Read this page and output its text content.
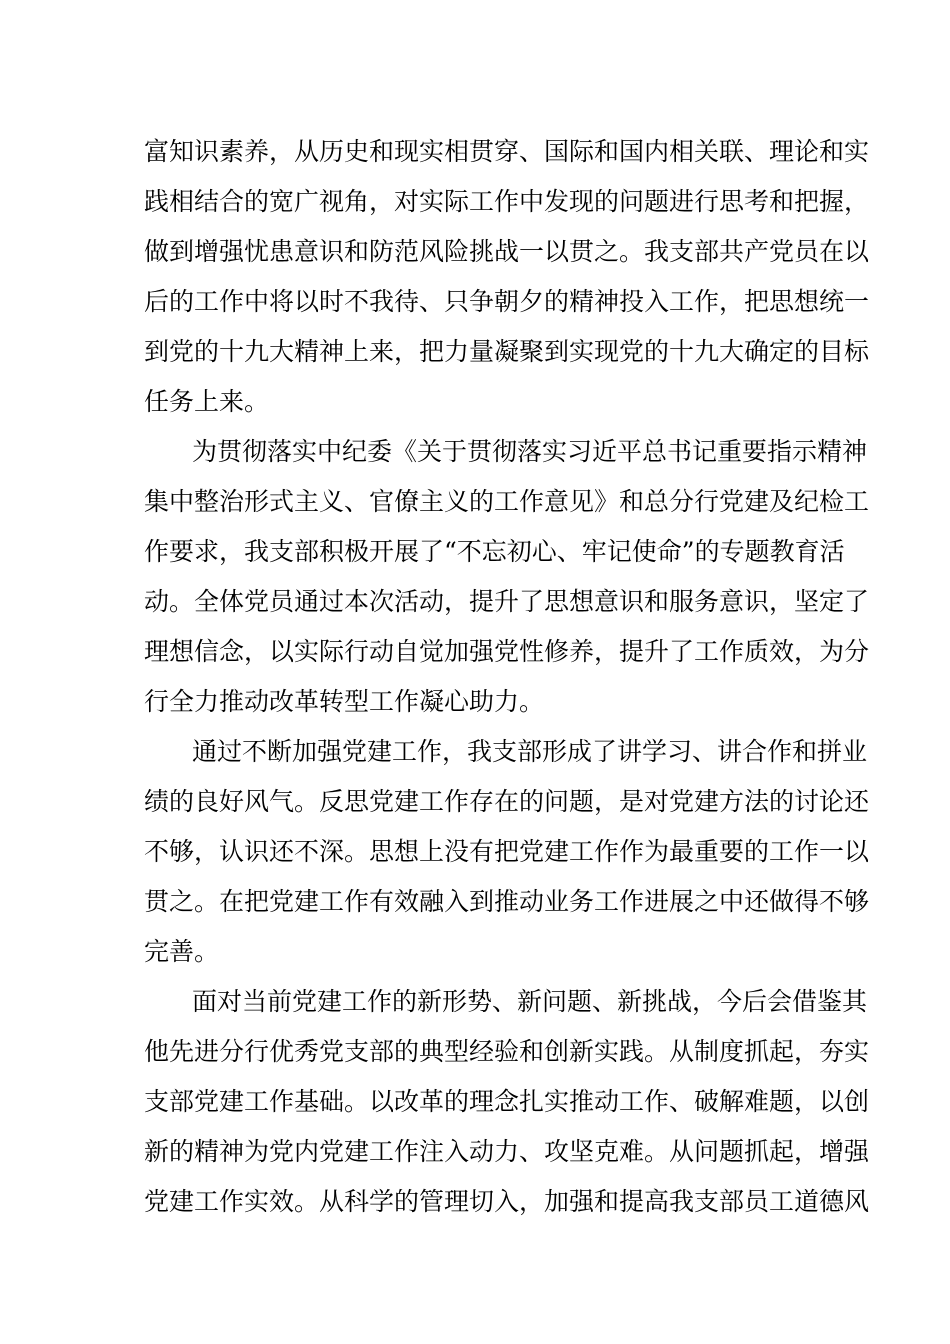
富知识素养，从历史和现实相贯穿、国际和国内相关联、理论和实
践相结合的宽广视角，对实际工作中发现的问题进行思考和把握，
做到增强忧患意识和防范风险挑战一以贯之。我支部共产党员在以
后的工作中将以时不我待、只争朝夕的精神投入工作，把思想统一
到党的十九大精神上来，把力量凝聚到实现党的十九大确定的目标
任务上来。
为贯彻落实中纪委《关于贯彻落实习近平总书记重要指示精神
集中整治形式主义、官僚主义的工作意见》和总分行党建及纪检工
作要求，我支部积极开展了“不忘初心、牢记使命”的专题教育活
动。全体党员通过本次活动，提升了思想意识和服务意识，坚定了
理想信念，以实际行动自觉加强党性修养，提升了工作质效，为分
行全力推动改革转型工作凝心助力。
通过不断加强党建工作，我支部形成了讲学习、讲合作和拼业
绩的良好风气。反思党建工作存在的问题，是对党建方法的讨论还
不够，认识还不深。思想上没有把党建工作作为最重要的工作一以
贯之。在把党建工作有效融入到推动业务工作进展之中还做得不够
完善。
面对当前党建工作的新形势、新问题、新挑战，今后会借鉴其
他先进分行优秀党支部的典型经验和创新实践。从制度抓起，夯实
支部党建工作基础。以改革的理念扎实推动工作、破解难题，以创
新的精神为党内党建工作注入动力、攻坚克难。从问题抓起，增强
党建工作实效。从科学的管理切入，加强和提高我支部员工道德风
